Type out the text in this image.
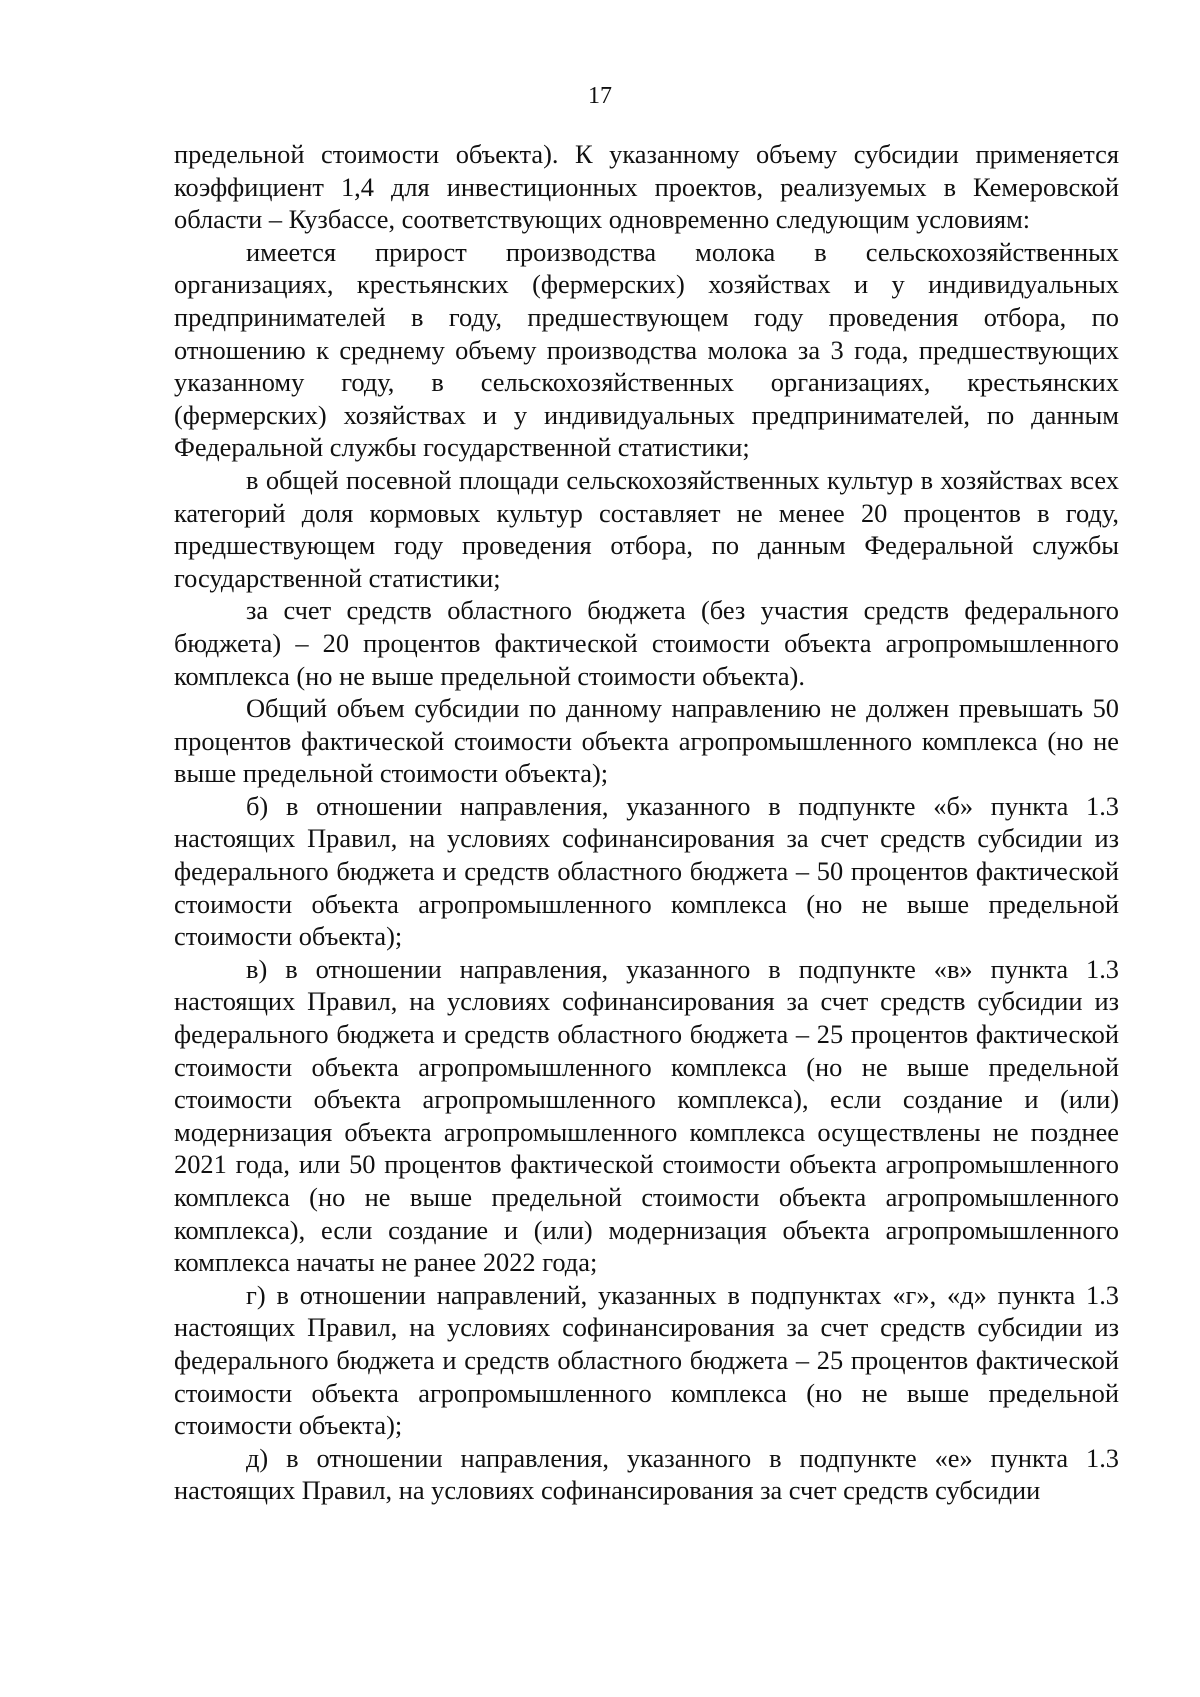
17

предельной стоимости объекта). К указанному объему субсидии применяется коэффициент 1,4 для инвестиционных проектов, реализуемых в Кемеровской области – Кузбассе, соответствующих одновременно следующим условиям:

имеется прирост производства молока в сельскохозяйственных организациях, крестьянских (фермерских) хозяйствах и у индивидуальных предпринимателей в году, предшествующем году проведения отбора, по отношению к среднему объему производства молока за 3 года, предшествующих указанному году, в сельскохозяйственных организациях, крестьянских (фермерских) хозяйствах и у индивидуальных предпринимателей, по данным Федеральной службы государственной статистики;

в общей посевной площади сельскохозяйственных культур в хозяйствах всех категорий доля кормовых культур составляет не менее 20 процентов в году, предшествующем году проведения отбора, по данным Федеральной службы государственной статистики;

за счет средств областного бюджета (без участия средств федерального бюджета) – 20 процентов фактической стоимости объекта агропромышленного комплекса (но не выше предельной стоимости объекта).

Общий объем субсидии по данному направлению не должен превышать 50 процентов фактической стоимости объекта агропромышленного комплекса (но не выше предельной стоимости объекта);

б) в отношении направления, указанного в подпункте «б» пункта 1.3 настоящих Правил, на условиях софинансирования за счет средств субсидии из федерального бюджета и средств областного бюджета – 50 процентов фактической стоимости объекта агропромышленного комплекса (но не выше предельной стоимости объекта);

в) в отношении направления, указанного в подпункте «в» пункта 1.3 настоящих Правил, на условиях софинансирования за счет средств субсидии из федерального бюджета и средств областного бюджета – 25 процентов фактической стоимости объекта агропромышленного комплекса (но не выше предельной стоимости объекта агропромышленного комплекса), если создание и (или) модернизация объекта агропромышленного комплекса осуществлены не позднее 2021 года, или 50 процентов фактической стоимости объекта агропромышленного комплекса (но не выше предельной стоимости объекта агропромышленного комплекса), если создание и (или) модернизация объекта агропромышленного комплекса начаты не ранее 2022 года;

г) в отношении направлений, указанных в подпунктах «г», «д» пункта 1.3 настоящих Правил, на условиях софинансирования за счет средств субсидии из федерального бюджета и средств областного бюджета – 25 процентов фактической стоимости объекта агропромышленного комплекса (но не выше предельной стоимости объекта);

д) в отношении направления, указанного в подпункте «е» пункта 1.3 настоящих Правил, на условиях софинансирования за счет средств субсидии
